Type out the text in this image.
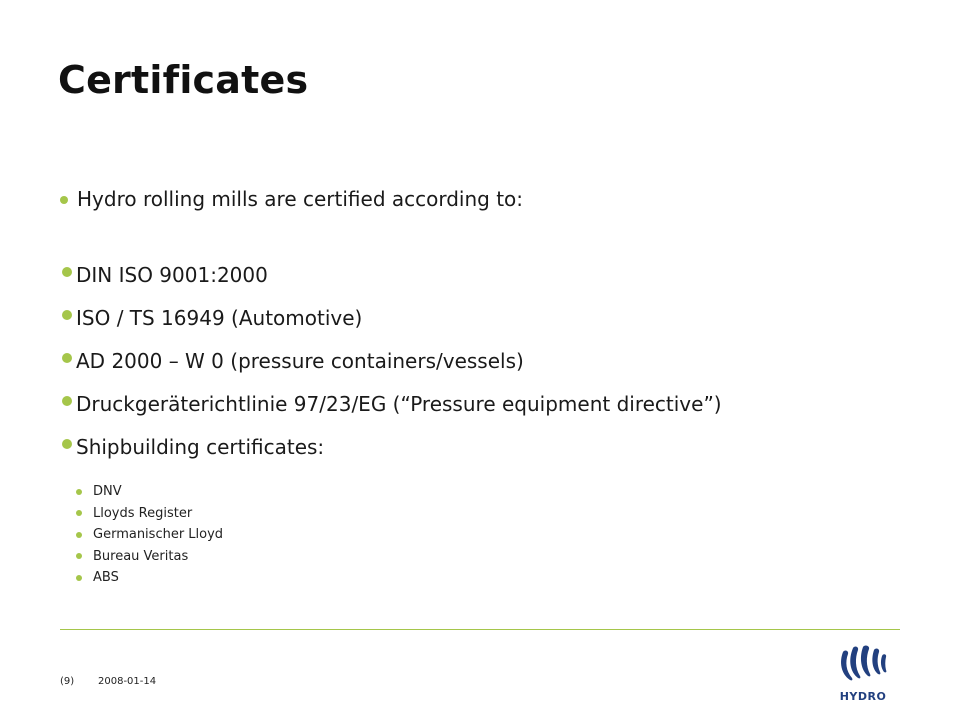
Certificates
Hydro rolling mills are certified according to:
DIN ISO 9001:2000
ISO / TS 16949 (Automotive)
AD 2000 – W 0 (pressure containers/vessels)
Druckgeräterichtlinie 97/23/EG (“Pressure equipment directive”)
Shipbuilding certificates:
DNV
Lloyds Register
Germanischer Lloyd
Bureau Veritas
ABS
(9) 2008-01-14
HYDRO
